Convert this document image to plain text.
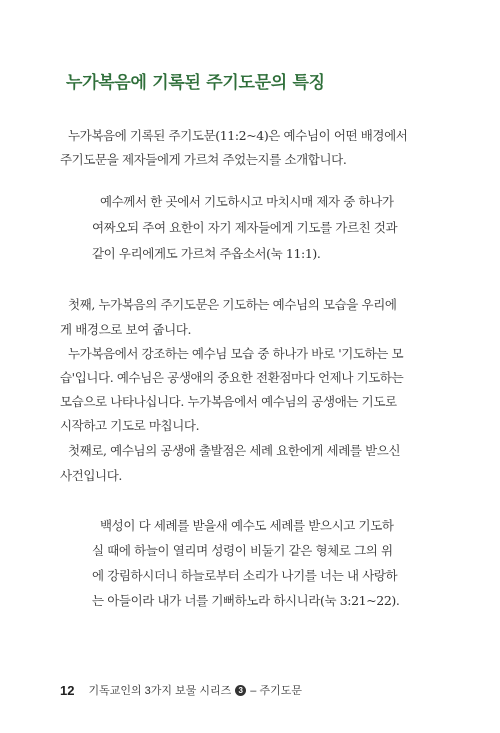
누가복음에 기록된 주기도문의 특징
누가복음에 기록된 주기도문(11:2~4)은 예수님이 어떤 배경에서
주기도문을 제자들에게 가르쳐 주었는지를 소개합니다.
예수께서 한 곳에서 기도하시고 마치시매 제자 중 하나가
여짜오되 주여 요한이 자기 제자들에게 기도를 가르친 것과
같이 우리에게도 가르쳐 주옵소서(눅 11:1).
첫째, 누가복음의 주기도문은 기도하는 예수님의 모습을 우리에
게 배경으로 보여 줍니다.
누가복음에서 강조하는 예수님 모습 중 하나가 바로 '기도하는 모
습'입니다. 예수님은 공생애의 중요한 전환점마다 언제나 기도하는
모습으로 나타나십니다. 누가복음에서 예수님의 공생애는 기도로
시작하고 기도로 마칩니다.
첫째로, 예수님의 공생애 출발점은 세례 요한에게 세례를 받으신
사건입니다.
백성이 다 세례를 받을새 예수도 세례를 받으시고 기도하
실 때에 하늘이 열리며 성령이 비둘기 같은 형체로 그의 위
에 강림하시더니 하늘로부터 소리가 나기를 너는 내 사랑하
는 아들이라 내가 너를 기뻐하노라 하시니라(눅 3:21~22).
12 기독교인의 3가지 보물 시리즈 3 – 주기도문
